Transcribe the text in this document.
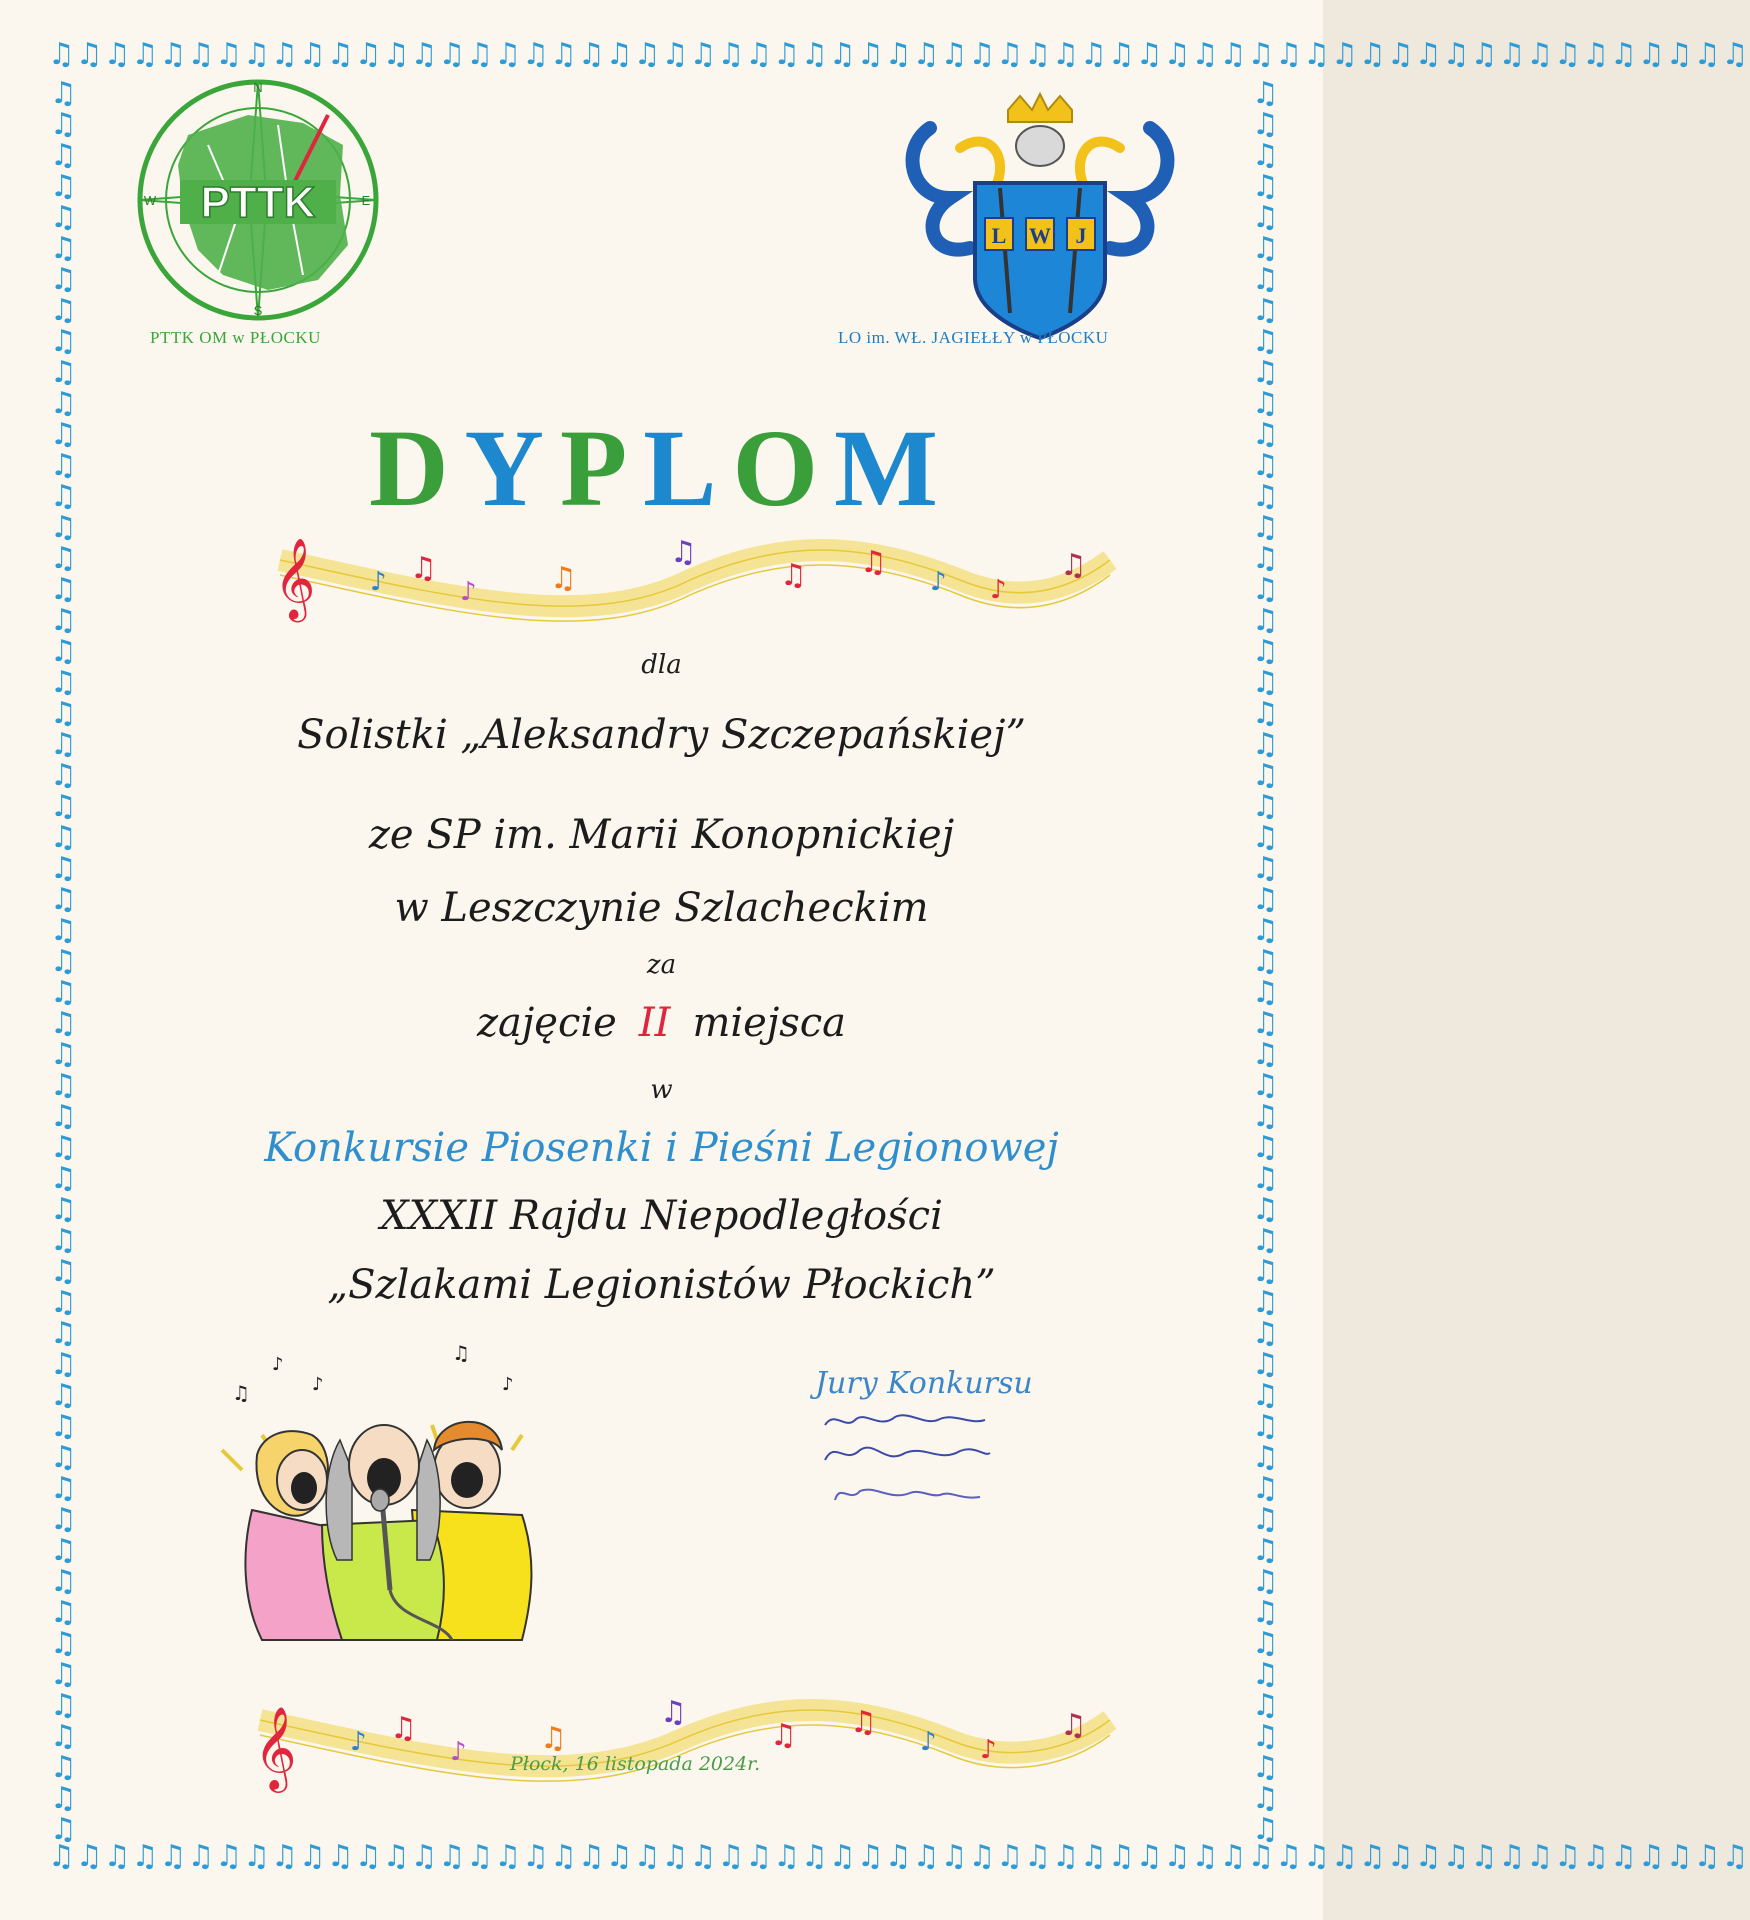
♫♫♫♫♫♫♫♫♫♫♫♫♫♫♫♫♫♫♫♫♫♫♫♫♫♫♫♫♫♫♫♫♫♫♫♫♫♫♫♫♫♫♫♫♫♫♫♫♫♫♫♫♫♫♫♫♫♫♫♫♫
♫♫♫♫♫♫♫♫♫♫♫♫♫♫♫♫♫♫♫♫♫♫♫♫♫♫♫♫♫♫♫♫♫♫♫♫♫♫♫♫♫♫♫♫♫♫♫♫♫♫♫♫♫♫♫♫♫♫♫♫♫
♫♫♫♫♫♫♫♫♫♫♫♫♫♫♫♫♫♫♫♫♫♫♫♫♫♫♫♫♫♫♫♫♫♫♫♫♫♫♫♫♫♫♫♫♫♫♫♫♫♫♫♫♫♫♫♫♫
♫♫♫♫♫♫♫♫♫♫♫♫♫♫♫♫♫♫♫♫♫♫♫♫♫♫♫♫♫♫♫♫♫♫♫♫♫♫♫♫♫♫♫♫♫♫♫♫♫♫♫♫♫♫♫♫♫
PTTK
N
E
S
W
PTTK OM w PŁOCKU
L W J
LO im. WŁ. JAGIEŁŁY w PŁOCKU
DYPLOM
𝄞 ♪ ♫
♪ ♫
♫
♫ ♫
♪ ♪
♫
dla
Solistki „Aleksandry Szczepańskiej”
ze SP im. Marii Konopnickiej
w Leszczynie Szlacheckim
za
zajęcie II miejsca
w
Konkursie Piosenki i Pieśni Legionowej
XXXII Rajdu Niepodległości
„Szlakami Legionistów Płockich”
♫
♪
♪
♫
♪	Jury Konkursu
𝄞 ♪ ♫
♪ ♫
♫
♫ ♫
♪ ♪
♫
Płock, 16 listopada 2024r.
